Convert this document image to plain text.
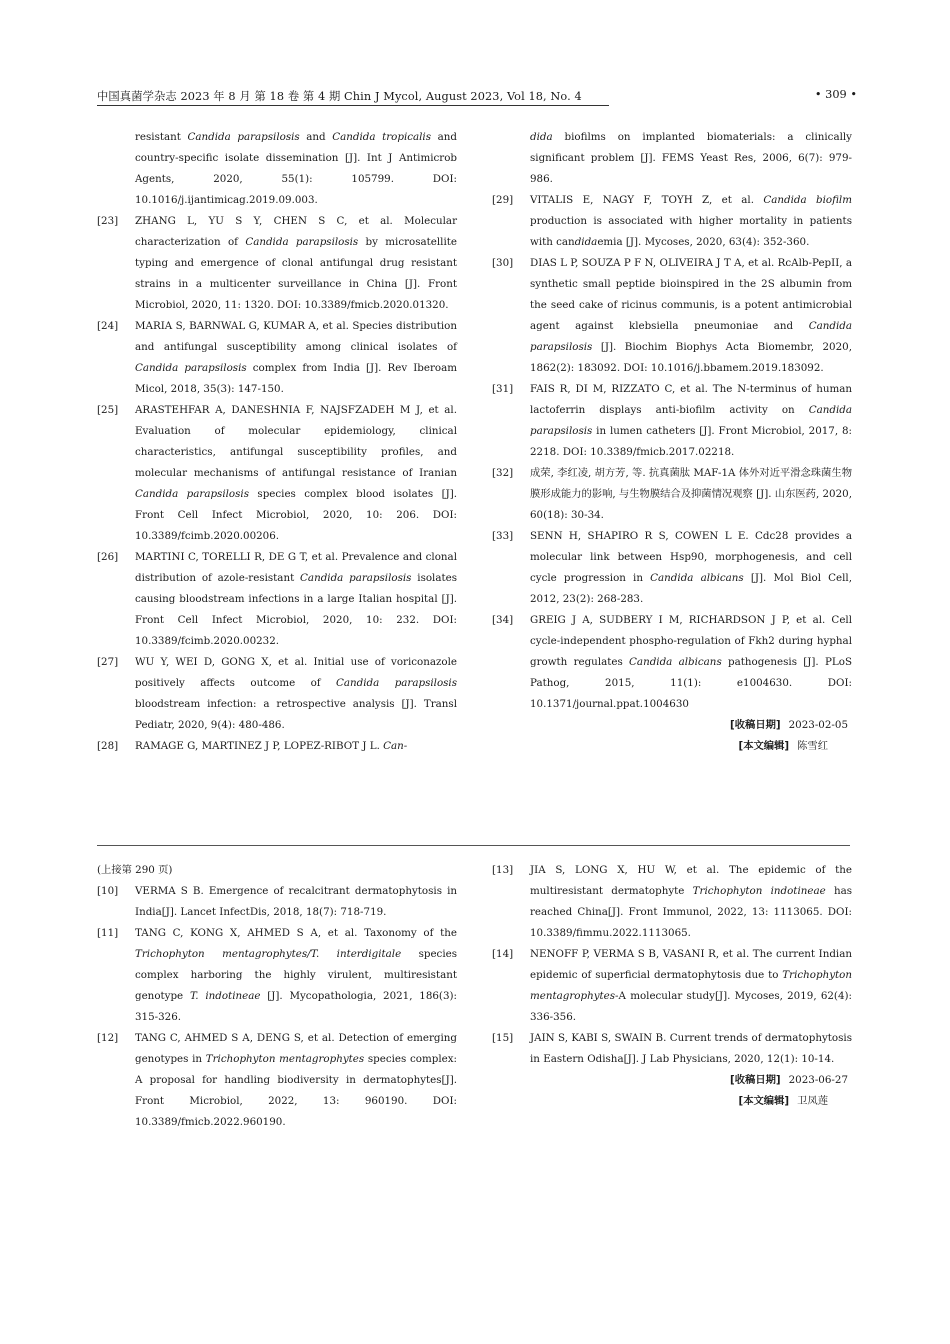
中国真菌学杂志 2023 年 8 月 第 18 卷 第 4 期 Chin J Mycol, August 2023, Vol 18, No. 4	• 309 •
resistant Candida parapsilosis and Candida tropicalis and country-specific isolate dissemination [J]. Int J Antimicrob Agents, 2020, 55(1): 105799. DOI: 10.1016/j.ijantimicag.2019.09.003.
[23] ZHANG L, YU S Y, CHEN S C, et al. Molecular characterization of Candida parapsilosis by microsatellite typing and emergence of clonal antifungal drug resistant strains in a multicenter surveillance in China [J]. Front Microbiol, 2020, 11: 1320. DOI: 10.3389/fmicb.2020.01320.
[24] MARIA S, BARNWAL G, KUMAR A, et al. Species distribution and antifungal susceptibility among clinical isolates of Candida parapsilosis complex from India [J]. Rev Iberoam Micol, 2018, 35(3): 147-150.
[25] ARASTEHFAR A, DANESHNIA F, NAJSFZADEH M J, et al. Evaluation of molecular epidemiology, clinical characteristics, antifungal susceptibility profiles, and molecular mechanisms of antifungal resistance of Iranian Candida parapsilosis species complex blood isolates [J]. Front Cell Infect Microbiol, 2020, 10: 206. DOI: 10.3389/fcimb.2020.00206.
[26] MARTINI C, TORELLI R, DE G T, et al. Prevalence and clonal distribution of azole-resistant Candida parapsilosis isolates causing bloodstream infections in a large Italian hospital [J]. Front Cell Infect Microbiol, 2020, 10: 232. DOI: 10.3389/fcimb.2020.00232.
[27] WU Y, WEI D, GONG X, et al. Initial use of voriconazole positively affects outcome of Candida parapsilosis bloodstream infection: a retrospective analysis [J]. Transl Pediatr, 2020, 9(4): 480-486.
[28] RAMAGE G, MARTINEZ J P, LOPEZ-RIBOT J L. Can-
dida biofilms on implanted biomaterials: a clinically significant problem [J]. FEMS Yeast Res, 2006, 6(7): 979-986.
[29] VITALIS E, NAGY F, TOYH Z, et al. Candida biofilm production is associated with higher mortality in patients with candidaemia [J]. Mycoses, 2020, 63(4): 352-360.
[30] DIAS L P, SOUZA P F N, OLIVEIRA J T A, et al. RcAlb-PepII, a synthetic small peptide bioinspired in the 2S albumin from the seed cake of ricinus communis, is a potent antimicrobial agent against klebsiella pneumoniae and Candida parapsilosis [J]. Biochim Biophys Acta Biomembr, 2020, 1862(2): 183092. DOI: 10.1016/j.bbamem.2019.183092.
[31] FAIS R, DI M, RIZZATO C, et al. The N-terminus of human lactoferrin displays anti-biofilm activity on Candida parapsilosis in lumen catheters [J]. Front Microbiol, 2017, 8: 2218. DOI: 10.3389/fmicb.2017.02218.
[32] 成荣, 李红凌, 胡方芳, 等. 抗真菌肽 MAF-1A 体外对近平滑念珠菌生物膜形成能力的影响, 与生物膜结合及抑菌情况观察 [J]. 山东医药, 2020, 60(18): 30-34.
[33] SENN H, SHAPIRO R S, COWEN L E. Cdc28 provides a molecular link between Hsp90, morphogenesis, and cell cycle progression in Candida albicans [J]. Mol Biol Cell, 2012, 23(2): 268-283.
[34] GREIG J A, SUDBERY I M, RICHARDSON J P, et al. Cell cycle-independent phospho-regulation of Fkh2 during hyphal growth regulates Candida albicans pathogenesis [J]. PLoS Pathog, 2015, 11(1): e1004630. DOI: 10.1371/journal.ppat.1004630
[收稿日期] 2023-02-05
[本文编辑] 陈雪红
(上接第 290 页)
[10] VERMA S B. Emergence of recalcitrant dermatophytosis in India[J]. Lancet InfectDis, 2018, 18(7): 718-719.
[11] TANG C, KONG X, AHMED S A, et al. Taxonomy of the Trichophyton mentagrophytes/T. interdigitale species complex harboring the highly virulent, multiresistant genotype T. indotineae [J]. Mycopathologia, 2021, 186(3): 315-326.
[12] TANG C, AHMED S A, DENG S, et al. Detection of emerging genotypes in Trichophyton mentagrophytes species complex: A proposal for handling biodiversity in dermatophytes[J]. Front Microbiol, 2022, 13: 960190. DOI: 10.3389/fmicb.2022.960190.
[13] JIA S, LONG X, HU W, et al. The epidemic of the multiresistant dermatophyte Trichophyton indotineae has reached China[J]. Front Immunol, 2022, 13: 1113065. DOI: 10.3389/fimmu.2022.1113065.
[14] NENOFF P, VERMA S B, VASANI R, et al. The current Indian epidemic of superficial dermatophytosis due to Trichophyton mentagrophytes-A molecular study[J]. Mycoses, 2019, 62(4): 336-356.
[15] JAIN S, KABI S, SWAIN B. Current trends of dermatophytosis in Eastern Odisha[J]. J Lab Physicians, 2020, 12(1): 10-14.
[收稿日期] 2023-06-27
[本文编辑] 卫凤莲
